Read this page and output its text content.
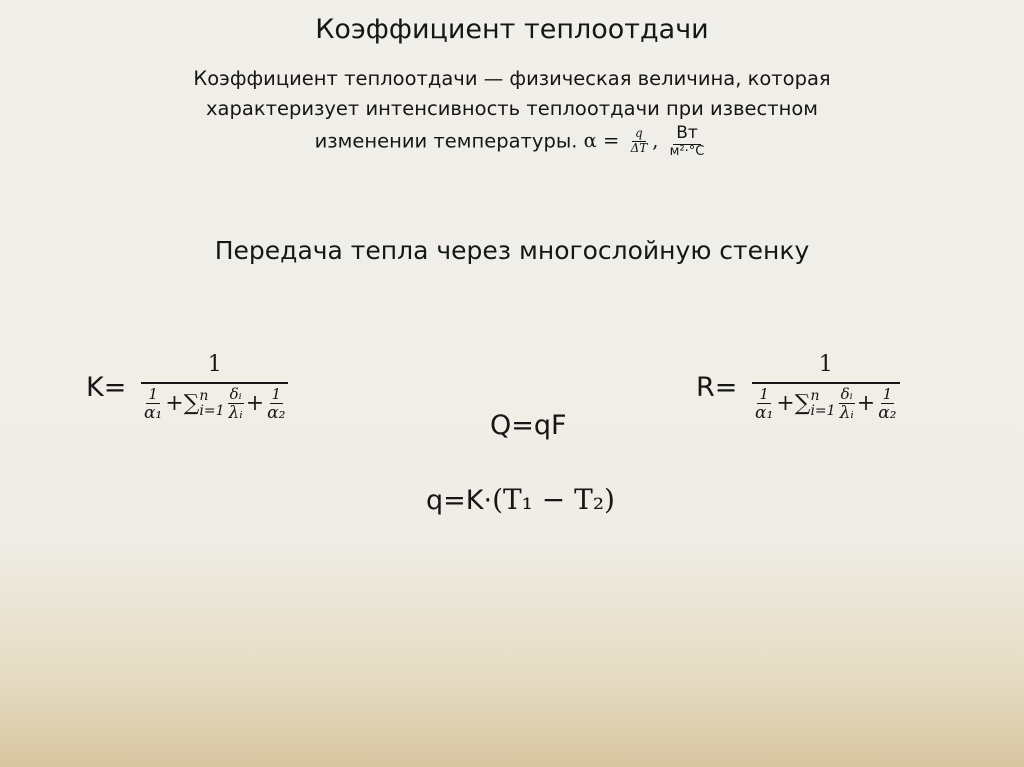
Коэффициент теплоотдачи
Коэффициент теплоотдачи — физическая величина, которая
характеризует интенсивность теплоотдачи при известном
изменении температуры. $\alpha = \frac{q}{\Delta T}$ , $\frac{Вт}{\text{м²·°С}}$
Передача тепла через многослойную стенку
K=
1
1
α₁ + ∑ n
i=1
δᵢ
λᵢ + $\frac{1}{\text{α₂}}$	R=
1
1
α₁ + ∑ n
i=1
δᵢ
λᵢ + $\frac{1}{\text{α₂}}$
Q=qF
q=K·(T₁ − T₂)
